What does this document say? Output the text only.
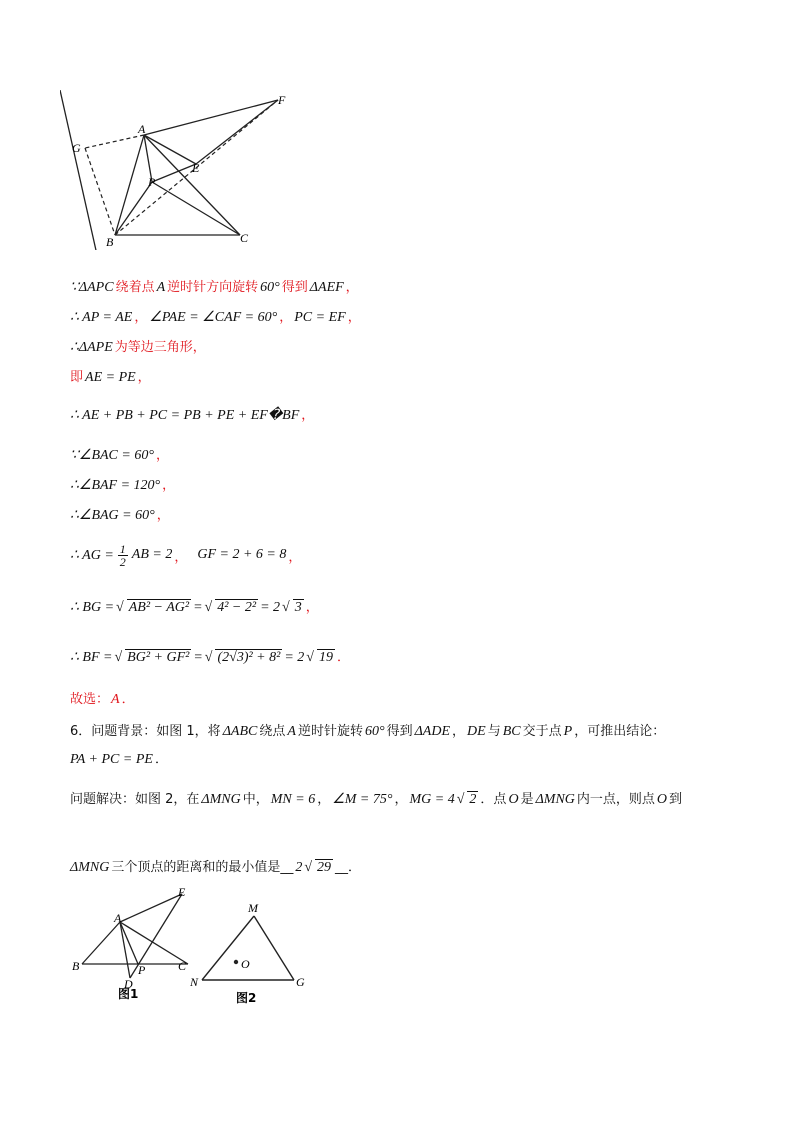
A
B	C
E
F
G
P
∵ΔAPC 绕着点 A 逆时针方向旋转 60° 得到 ΔAEF ，
∴ AP = AE ， ∠PAE = ∠CAF = 60° ， PC = EF ，
∴ΔAPE 为等边三角形，
即 AE = PE ，
∴ AE + PB + PC = PB + PE + EF�BF ，
∵∠BAC = 60° ，
∴∠BAF = 120° ，
∴∠BAG = 60° ，
∴ AG = $\frac{1}{2}$ AB = 2 ， GF = 2 + 6 = 8 ，
∴ BG = √ AB² − AG² = √ 4² − 2² = 2 √ 3 ，
∴ BF = √ BG² + GF² = √ (2√3)² + 8² = 2 √ 19 ．
故选： A ．
6．问题背景：如图 1，将 ΔABC 绕点 A 逆时针旋转 60° 得到 ΔADE ， DE 与 BC 交于点 P ，可推出结论：
PA + PC = PE ．
问题解决：如图 2，在 ΔMNG 中， MN = 6 ， ∠M = 75° ， MG = 4 √ 2 ．点 O 是 ΔMNG 内一点，则点 O 到
ΔMNG 三个顶点的距离和的最小值是__ 2 √ 29 __．
A
B	C
D
E
P
图1
M
N	G
O
图2
